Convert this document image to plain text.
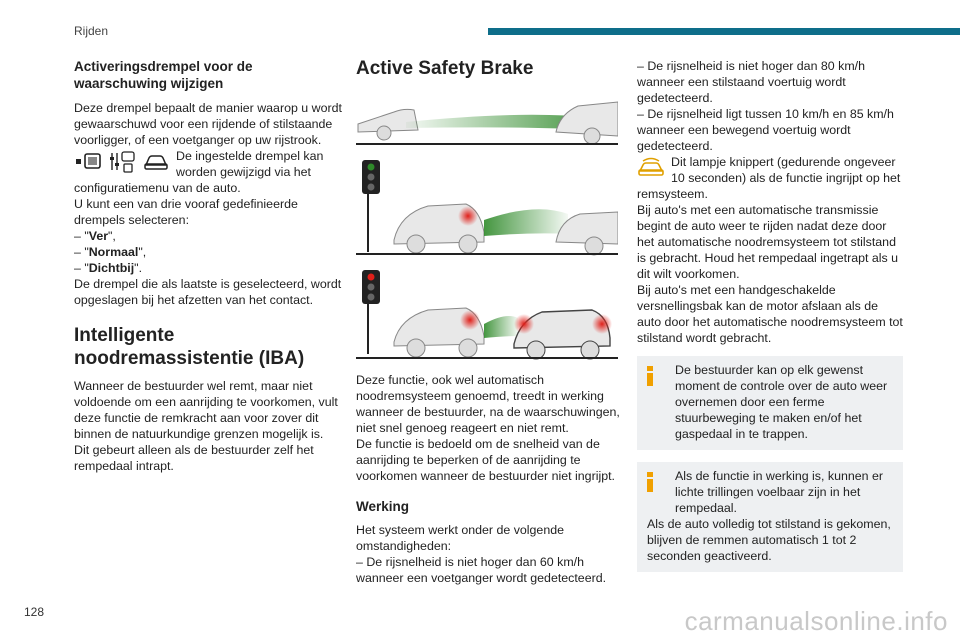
Rijden
Activeringsdrempel voor de waarschuwing wijzigen

Deze drempel bepaalt de manier waarop u wordt gewaarschuwd voor een rijdende of stilstaande voorligger, of een voetganger op uw rijstrook.

De ingestelde drempel kan worden gewijzigd via het

configuratiemenu van de auto.

U kunt een van drie vooraf gedefinieerde drempels selecteren:

– "Ver",

– "Normaal",

– "Dichtbij".

De drempel die als laatste is geselecteerd, wordt opgeslagen bij het afzetten van het contact.

Intelligente noodremassistentie (IBA)

Wanneer de bestuurder wel remt, maar niet voldoende om een aanrijding te voorkomen, vult deze functie de remkracht aan voor zover dit binnen de natuurkundige grenzen mogelijk is.

Dit gebeurt alleen als de bestuurder zelf het rempedaal intrapt.

Active Safety Brake

Deze functie, ook wel automatisch noodremsysteem genoemd, treedt in werking wanneer de bestuurder, na de waarschuwingen, niet snel genoeg reageert en niet remt.

De functie is bedoeld om de snelheid van de aanrijding te beperken of de aanrijding te voorkomen wanneer de bestuurder niet ingrijpt.

Werking

Het systeem werkt onder de volgende omstandigheden:

– De rijsnelheid is niet hoger dan 60 km/h wanneer een voetganger wordt gedetecteerd.

– De rijsnelheid is niet hoger dan 80 km/h wanneer een stilstaand voertuig wordt gedetecteerd.

– De rijsnelheid ligt tussen 10 km/h en 85 km/h wanneer een bewegend voertuig wordt gedetecteerd.

Dit lampje knippert (gedurende ongeveer 10 seconden) als de functie ingrijpt op het remsysteem.

Bij auto's met een automatische transmissie begint de auto weer te rijden nadat deze door het automatische noodremsysteem tot stilstand is gebracht. Houd het rempedaal ingetrapt als u dit wilt voorkomen.

Bij auto's met een handgeschakelde versnellingsbak kan de motor afslaan als de auto door het automatische noodremsysteem tot stilstand wordt gebracht.

De bestuurder kan op elk gewenst moment de controle over de auto weer overnemen door een ferme stuurbeweging te maken en/of het gaspedaal in te trappen.

Als de functie in werking is, kunnen er lichte trillingen voelbaar zijn in het rempedaal.

Als de auto volledig tot stilstand is gekomen, blijven de remmen automatisch 1 tot 2 seconden geactiveerd.

128	carmanualsonline.info
